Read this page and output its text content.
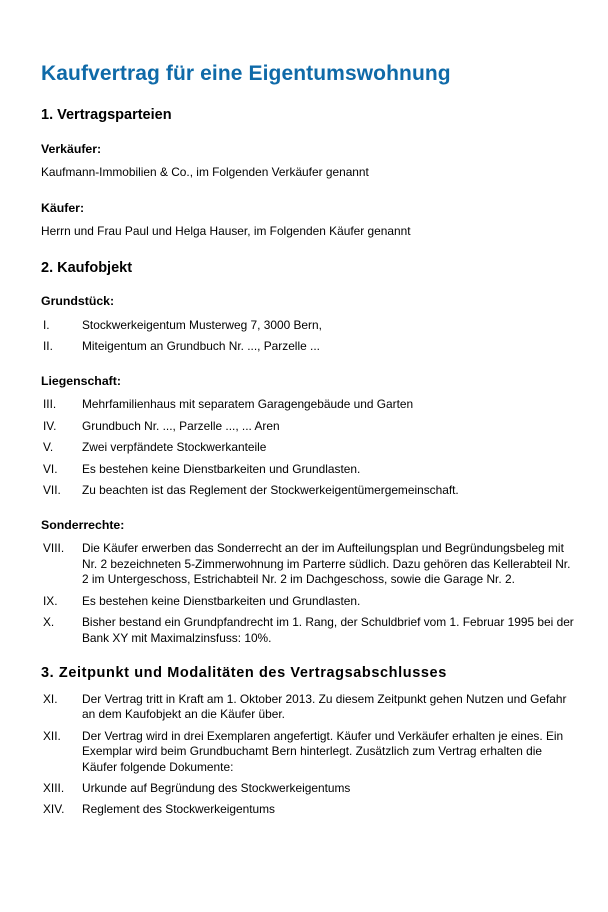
Kaufvertrag für eine Eigentumswohnung
1. Vertragsparteien
Verkäufer:

Kaufmann-Immobilien & Co., im Folgenden Verkäufer genannt

Käufer:

Herrn und Frau Paul und Helga Hauser, im Folgenden Käufer genannt

2. Kaufobjekt
Grundstück:
I.	Stockwerkeigentum Musterweg 7, 3000 Bern,
II.	Miteigentum an Grundbuch Nr. ..., Parzelle ...
Liegenschaft:
III.	Mehrfamilienhaus mit separatem Garagengebäude und Garten
IV.	Grundbuch Nr. ..., Parzelle ..., ... Aren
V.	Zwei verpfändete Stockwerkanteile
VI.	Es bestehen keine Dienstbarkeiten und Grundlasten.
VII.	Zu beachten ist das Reglement der Stockwerkeigentümergemeinschaft.
Sonderrechte:
VIII.	Die Käufer erwerben das Sonderrecht an der im Aufteilungsplan und Begründungsbeleg mit Nr. 2 bezeichneten 5-Zimmerwohnung im Parterre südlich. Dazu gehören das Kellerabteil Nr. 2 im Untergeschoss, Estrichabteil Nr. 2 im Dachgeschoss, sowie die Garage Nr. 2.
IX.	Es bestehen keine Dienstbarkeiten und Grundlasten.
X.	Bisher bestand ein Grundpfandrecht im 1. Rang, der Schuldbrief vom 1. Februar 1995 bei der Bank XY mit Maximalzinsfuss: 10%.
3. Zeitpunkt und Modalitäten des Vertragsabschlusses
XI.	Der Vertrag tritt in Kraft am 1. Oktober 2013. Zu diesem Zeitpunkt gehen Nutzen und Gefahr an dem Kaufobjekt an die Käufer über.
XII.	Der Vertrag wird in drei Exemplaren angefertigt. Käufer und Verkäufer erhalten je eines. Ein Exemplar wird beim Grundbuchamt Bern hinterlegt. Zusätzlich zum Vertrag erhalten die Käufer folgende Dokumente:
XIII.	Urkunde auf Begründung des Stockwerkeigentums
XIV.	Reglement des Stockwerkeigentums
